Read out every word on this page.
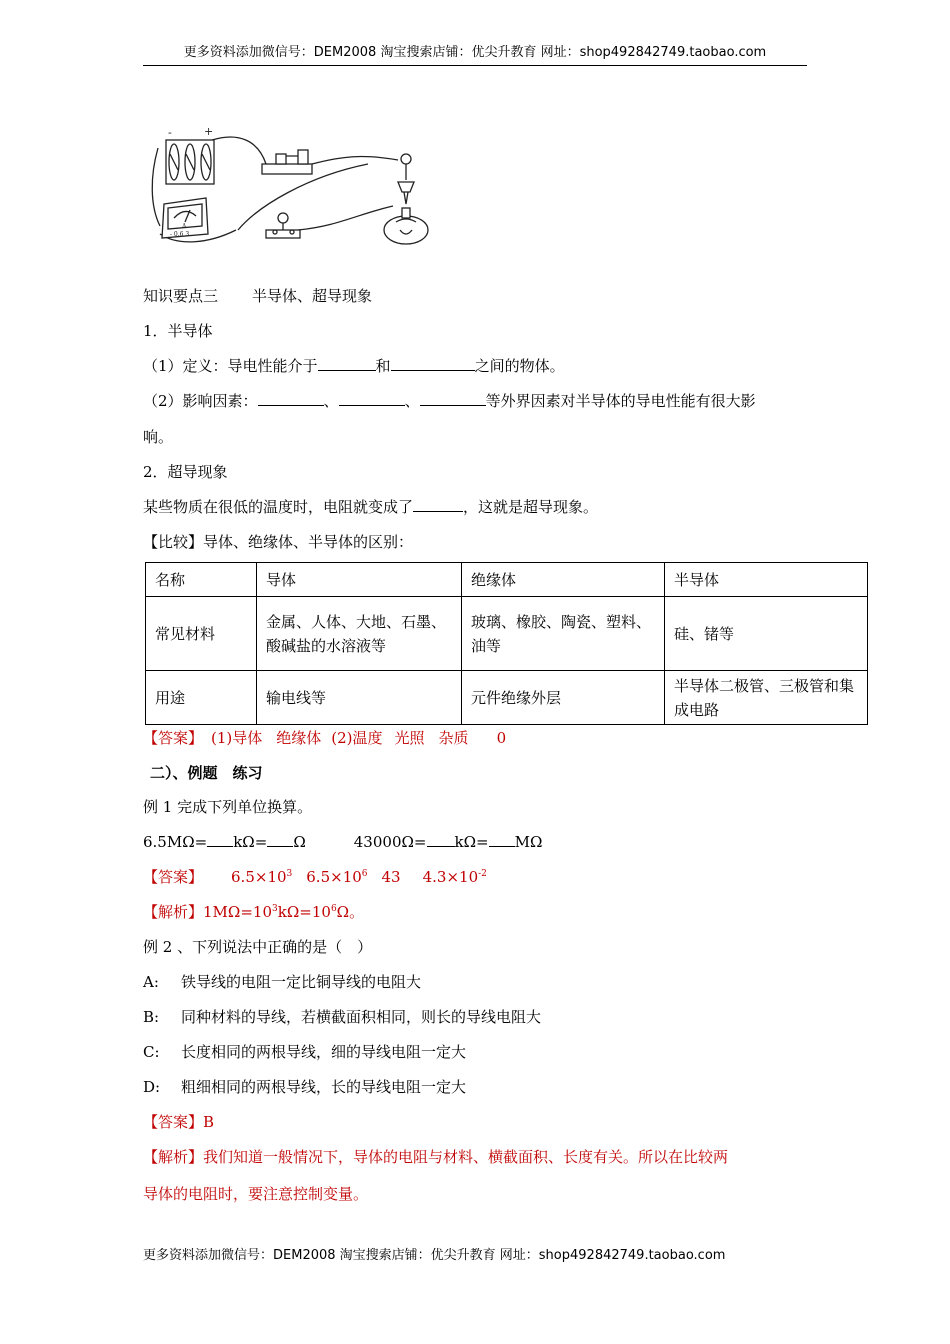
更多资料添加微信号：DEM2008 淘宝搜索店铺：优尖升教育 网址：shop492842749.taobao.com
+
-
A
- 0.6 3
知识要点三 半导体、超导现象
1．半导体
（1）定义：导电性能介于	和	之间的物体。
（2）影响因素：	、	、	等外界因素对半导体的导电性能有很大影
响。
2．超导现象
某些物质在很低的温度时，电阻就变成了	，这就是超导现象。
【比较】导体、绝缘体、半导体的区别：
名称	导体	绝缘体	半导体
常见材料	金属、人体、大地、石墨、酸碱盐的水溶液等	玻璃、橡胶、陶瓷、塑料、油等	硅、锗等
用途	输电线等	元件绝缘外层	半导体二极管、三极管和集成电路
【答案】 (1)导体 绝缘体 (2)温度 光照 杂质 0
二）、例题　练习
例 1 完成下列单位换算。
6.5MΩ= kΩ= Ω	43000Ω= kΩ= MΩ
【答案】 $6.5\times 10^3$ $6.5\times 10^6$ 43 $4.3\times 10^{-2}$
【解析】$1M\Omega=10^3k\Omega=10^6\Omega$。
例 2 、下列说法中正确的是（　）
A: 铁导线的电阻一定比铜导线的电阻大
B: 同种材料的导线，若横截面积相同，则长的导线电阻大
C: 长度相同的两根导线，细的导线电阻一定大
D: 粗细相同的两根导线，长的导线电阻一定大
【答案】B
【解析】我们知道一般情况下，导体的电阻与材料、横截面积、长度有关。所以在比较两
导体的电阻时，要注意控制变量。
更多资料添加微信号：DEM2008 淘宝搜索店铺：优尖升教育 网址：shop492842749.taobao.com
